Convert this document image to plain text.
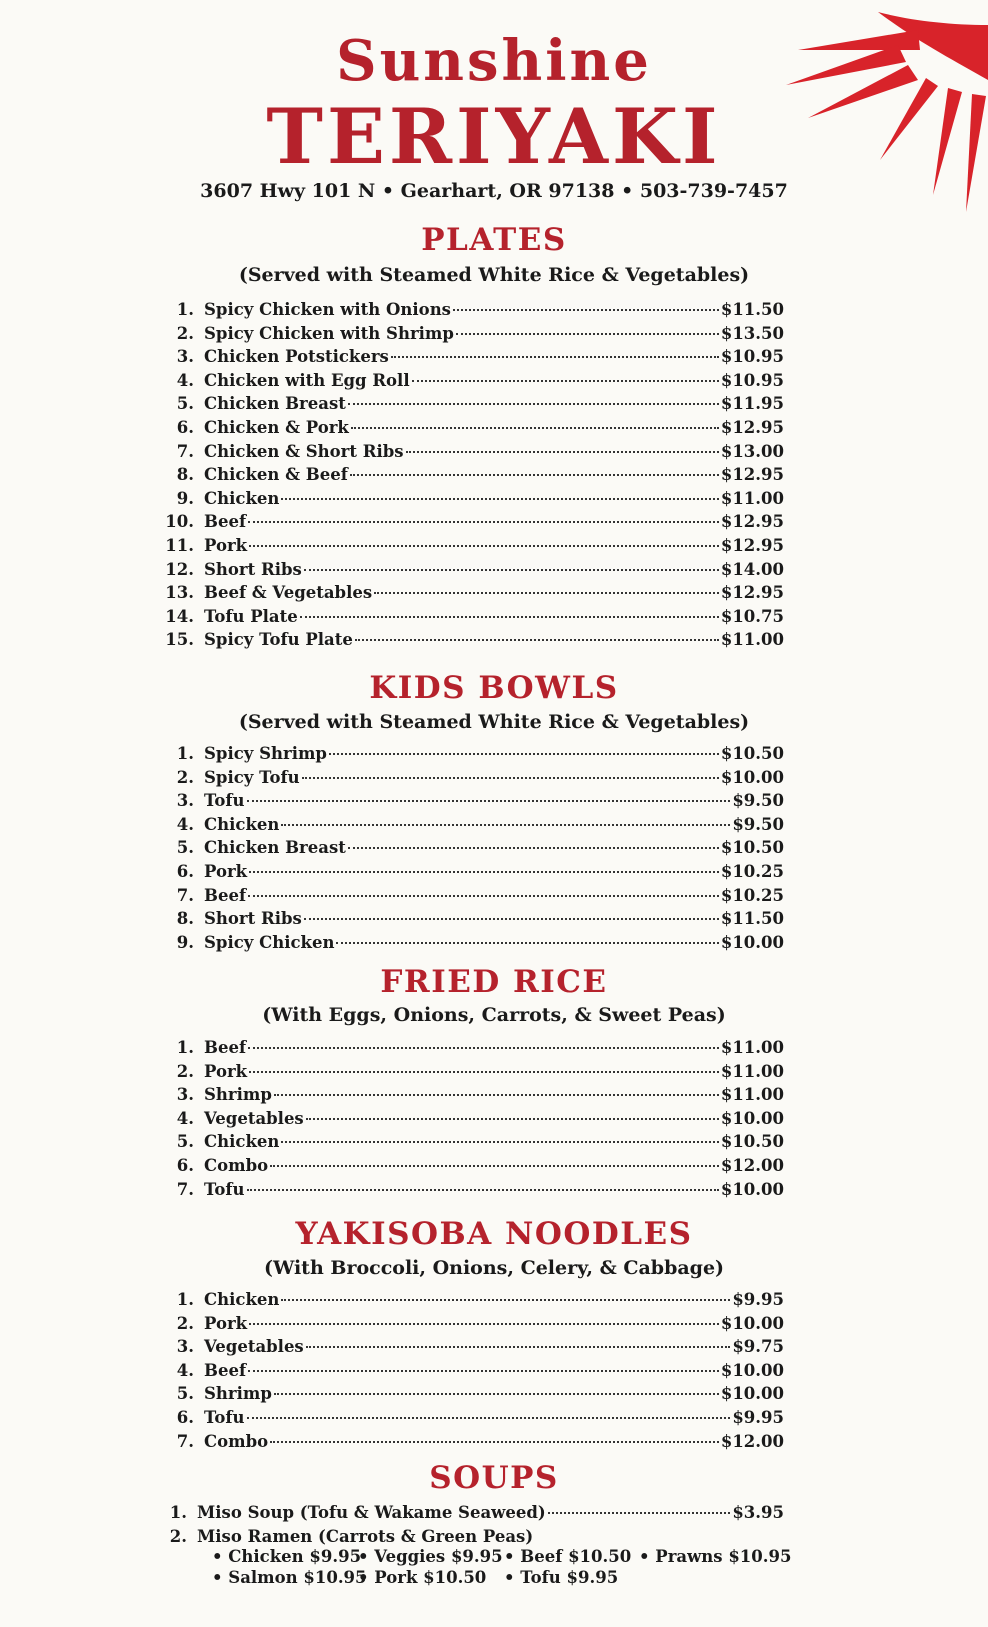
Sunshine
TERIYAKI
3607 Hwy 101 N • Gearhart, OR 97138 • 503-739-7457
PLATES
(Served with Steamed White Rice & Vegetables)
1. Spicy Chicken with Onions	$11.50
2. Spicy Chicken with Shrimp	$13.50
3. Chicken Potstickers	$10.95
4. Chicken with Egg Roll	$10.95
5. Chicken Breast	$11.95
6. Chicken & Pork	$12.95
7. Chicken & Short Ribs	$13.00
8. Chicken & Beef	$12.95
9. Chicken	$11.00
10. Beef	$12.95
11. Pork	$12.95
12. Short Ribs	$14.00
13. Beef & Vegetables	$12.95
14. Tofu Plate	$10.75
15. Spicy Tofu Plate	$11.00
KIDS BOWLS
(Served with Steamed White Rice & Vegetables)
1. Spicy Shrimp	$10.50
2. Spicy Tofu	$10.00
3. Tofu	$9.50
4. Chicken	$9.50
5. Chicken Breast	$10.50
6. Pork	$10.25
7. Beef	$10.25
8. Short Ribs	$11.50
9. Spicy Chicken	$10.00
FRIED RICE
(With Eggs, Onions, Carrots, & Sweet Peas)
1. Beef	$11.00
2. Pork	$11.00
3. Shrimp	$11.00
4. Vegetables	$10.00
5. Chicken	$10.50
6. Combo	$12.00
7. Tofu	$10.00
YAKISOBA NOODLES
(With Broccoli, Onions, Celery, & Cabbage)
1. Chicken	$9.95
2. Pork	$10.00
3. Vegetables	$9.75
4. Beef	$10.00
5. Shrimp	$10.00
6. Tofu	$9.95
7. Combo	$12.00
SOUPS
1. Miso Soup (Tofu & Wakame Seaweed)	$3.95
2. Miso Ramen (Carrots & Green Peas)
• Chicken $9.95
• Veggies $9.95 • Beef $10.50 • Prawns $10.95
• Salmon $10.95
• Pork $10.50	• Tofu $9.95
